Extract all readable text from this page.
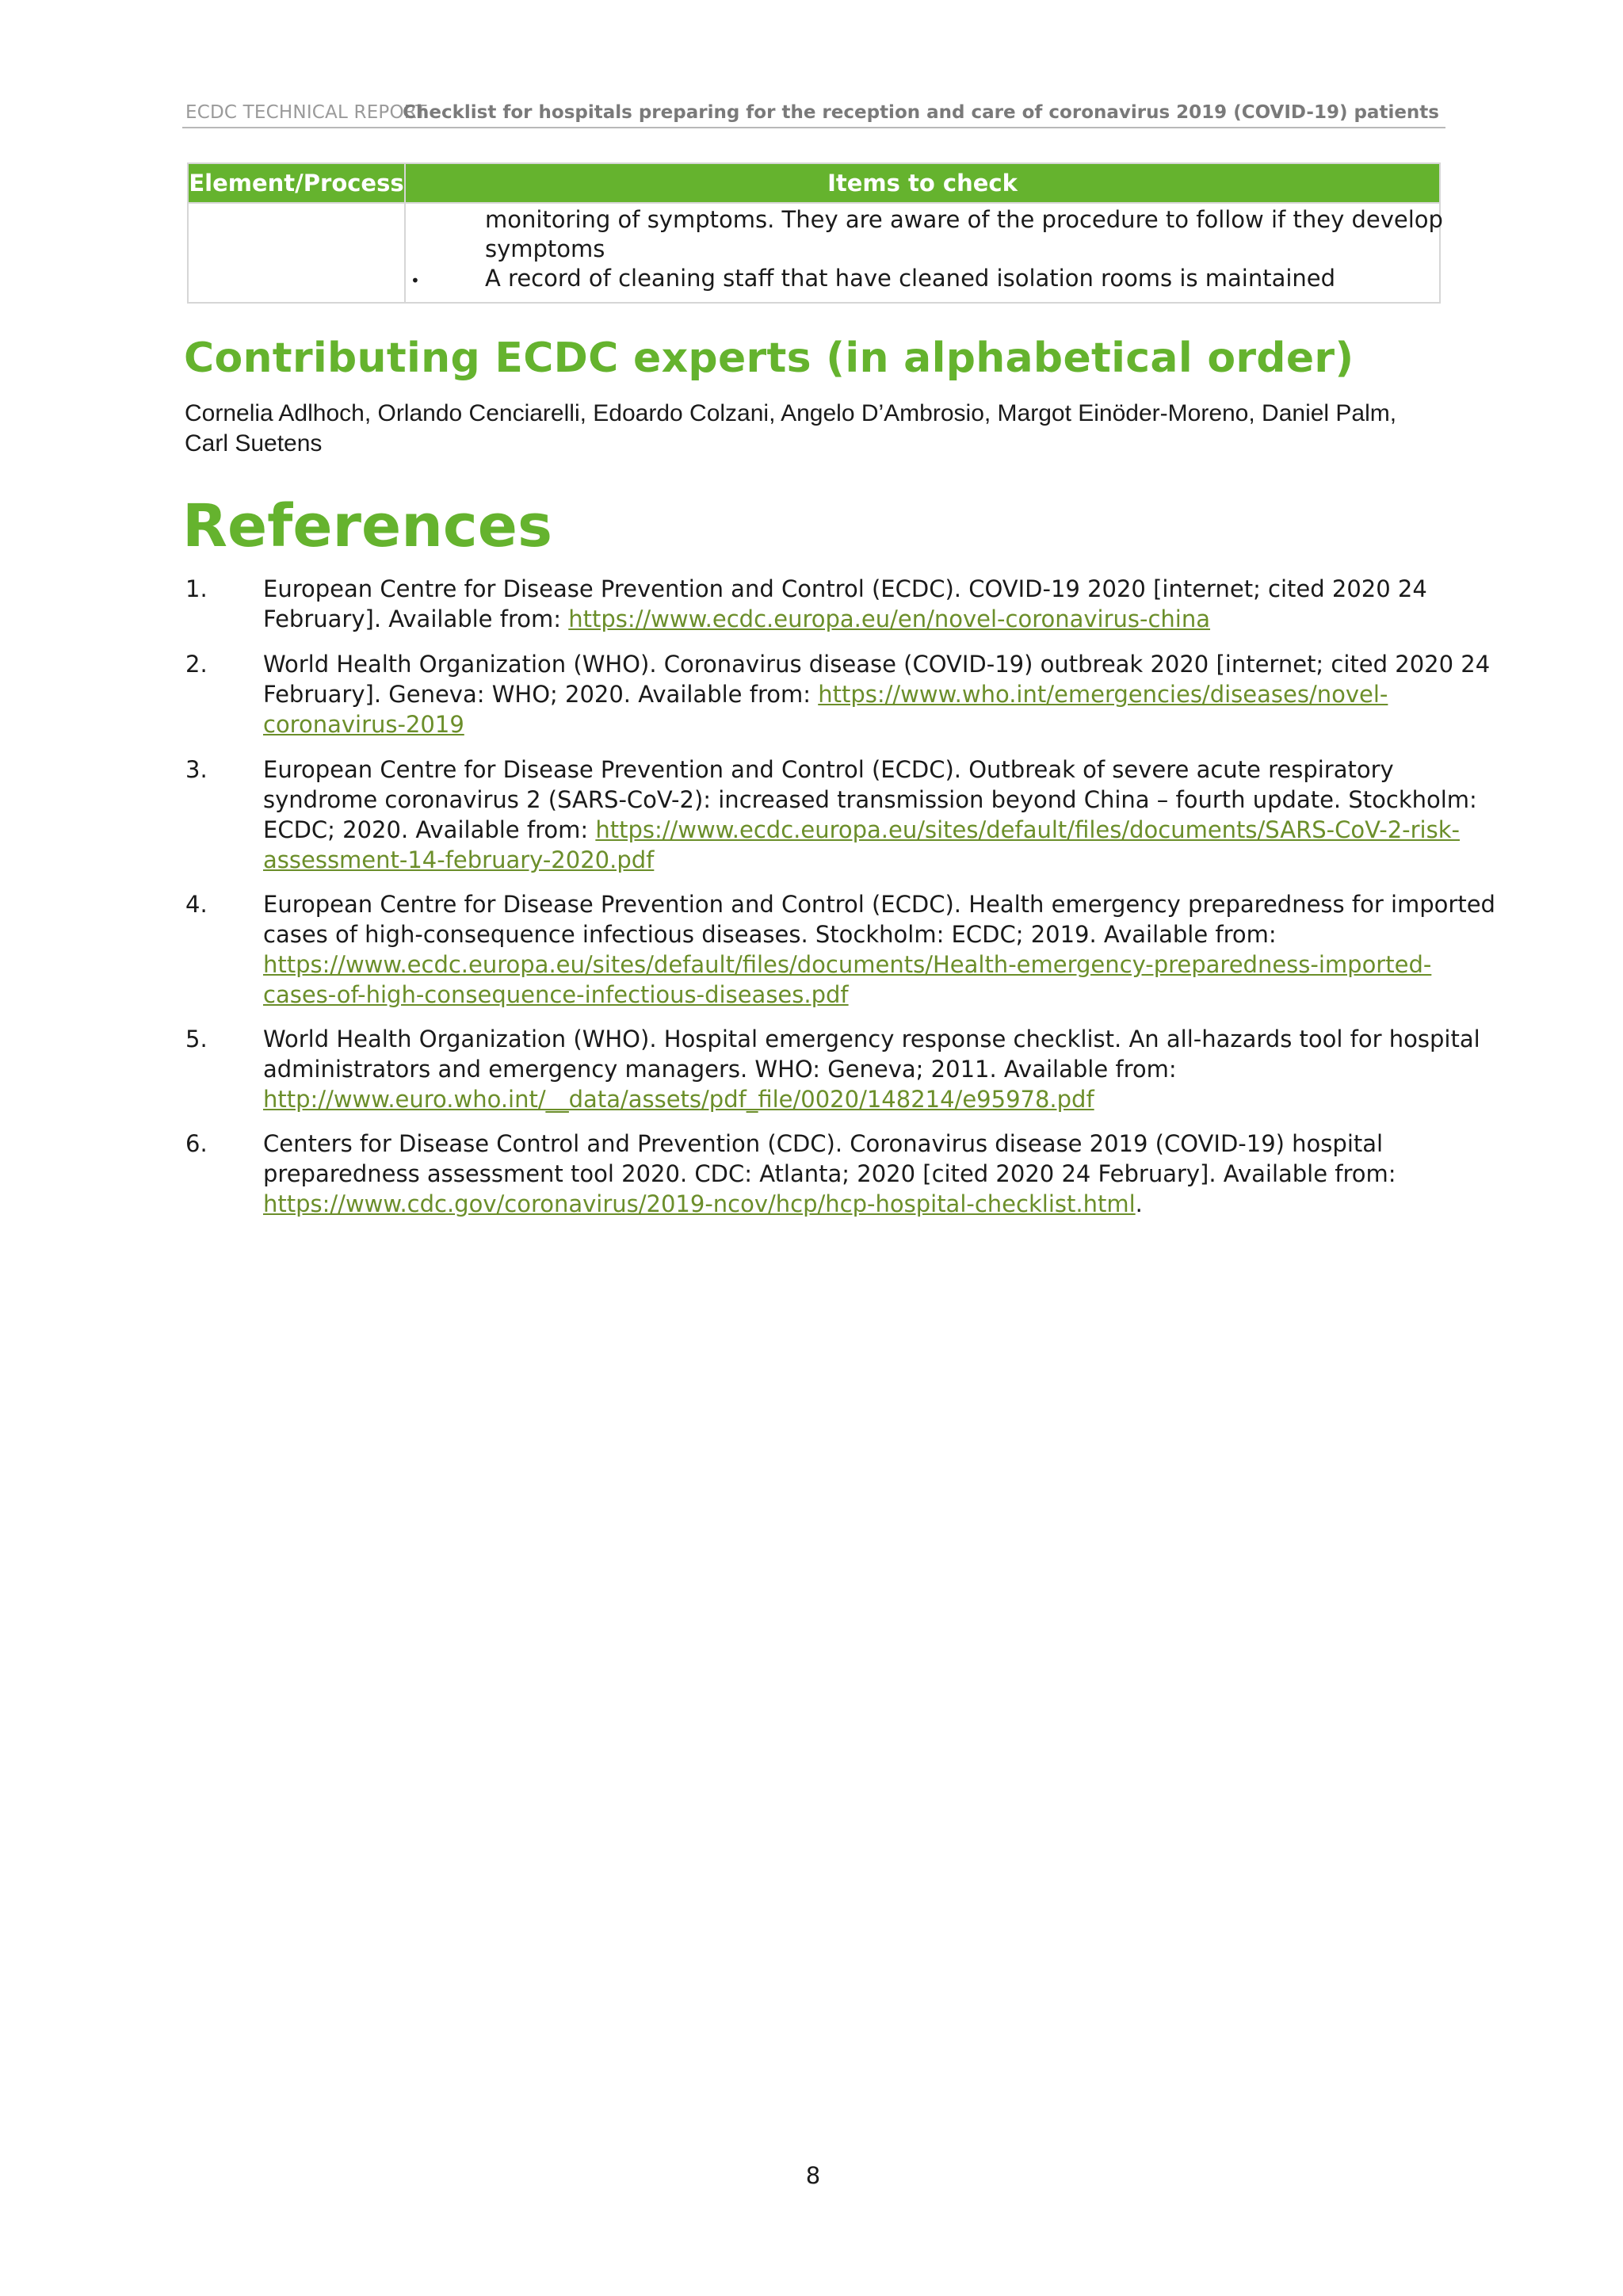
ECDC TECHNICAL REPORT
Checklist for hospitals preparing for the reception and care of coronavirus 2019 (COVID-19) patients
Element/Process	Items to check

	monitoring of symptoms. They are aware of the procedure to follow if they develop
symptoms
• A record of cleaning staff that have cleaned isolation rooms is maintained
Contributing ECDC experts (in alphabetical order)
Cornelia Adlhoch, Orlando Cenciarelli, Edoardo Colzani, Angelo D’Ambrosio, Margot Einöder-Moreno, Daniel Palm,
Carl Suetens
References
1. European Centre for Disease Prevention and Control (ECDC). COVID-19 2020 [internet; cited 2020 24
February]. Available from: https://www.ecdc.europa.eu/en/novel-coronavirus-china
2. World Health Organization (WHO). Coronavirus disease (COVID-19) outbreak 2020 [internet; cited 2020 24
February]. Geneva: WHO; 2020. Available from: https://www.who.int/emergencies/diseases/novel-
coronavirus-2019
3. European Centre for Disease Prevention and Control (ECDC). Outbreak of severe acute respiratory
syndrome coronavirus 2 (SARS-CoV-2): increased transmission beyond China – fourth update. Stockholm:
ECDC; 2020. Available from: https://www.ecdc.europa.eu/sites/default/files/documents/SARS-CoV-2-risk-
assessment-14-february-2020.pdf
4. European Centre for Disease Prevention and Control (ECDC). Health emergency preparedness for imported
cases of high-consequence infectious diseases. Stockholm: ECDC; 2019. Available from:
https://www.ecdc.europa.eu/sites/default/files/documents/Health-emergency-preparedness-imported-
cases-of-high-consequence-infectious-diseases.pdf
5. World Health Organization (WHO). Hospital emergency response checklist. An all-hazards tool for hospital
administrators and emergency managers. WHO: Geneva; 2011. Available from:
http://www.euro.who.int/__data/assets/pdf_file/0020/148214/e95978.pdf
6. Centers for Disease Control and Prevention (CDC). Coronavirus disease 2019 (COVID-19) hospital
preparedness assessment tool 2020. CDC: Atlanta; 2020 [cited 2020 24 February]. Available from:
https://www.cdc.gov/coronavirus/2019-ncov/hcp/hcp-hospital-checklist.html.
8
